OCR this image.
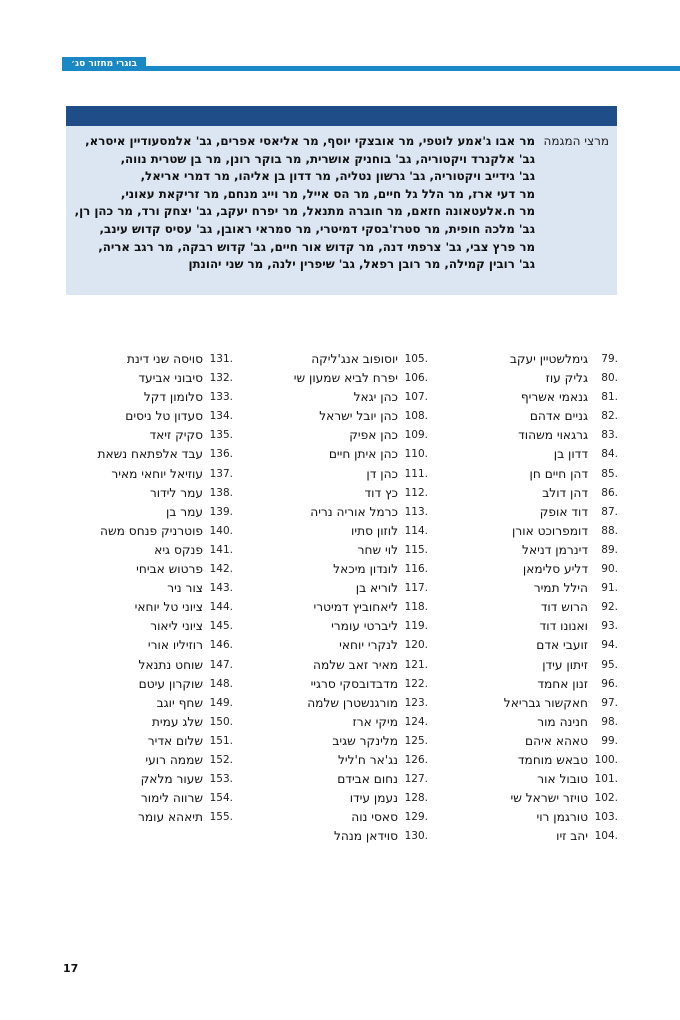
בוגרי מחזור סג׳
מרצי המגמה
מר אבו ג'אמע לוטפי, מר אובצקי יוסף, מר אליאסי אפרים, גב' אלמסעודיין איסרא,
גב' אלקנרד ויקטוריה, גב' בוחניק אושרית, מר בוקר רונן, מר בן שטרית נווה,
גב' גידייב ויקטוריה, גב' גרשון נטליה, מר דדון בן אליהו, מר דמרי אריאל,
מר דעי ארז, מר הלל גל חיים, מר הס אייל, מר וייג מנחם, מר זריקאת עאוני,
מר ח.אלעטאונה חזאם, מר חוברה מתנאל, מר יפרח יעקב, גב' יצחק ורד, מר כהן רן,
גב' מלכה חופית, מר סטרז'בסקי דמיטרי, מר סמראי ראובן, גב' עסיס קדוש עינב,
מר פרץ צבי, גב' צרפתי דנה, מר קדוש אור חיים, גב' קדוש רבקה, מר רגב אריה,
גב' רובין קמילה, מר רובן רפאל, גב' שיפרין ילנה, מר שני יהונתן
79.
גימלשטיין יעקב
80.
גליק עוז
81.
גנאמי אשריף
82.
גניים אדהם
83.
גרגאוי משהוד
84.
דדון בן
85.
דהן חיים חן
86.
דהן דולב
87.
דוד אופק
88.
דומפרוכט אורן
89.
דינרמן דניאל
90.
דליע סלימאן
91.
הילל תמיר
92.
הרוש דוד
93.
ואנונו דוד
94.
זועבי אדם
95.
זיתון עידן
96.
זנון אחמד
97.
חאקשור גבריאל
98.
חנינה מור
99.
טאהא איהם
100.
טבאש מוחמד
101.
טובול אור
102.
טויזר ישראל שי
103.
טורגמן רוי
104.
יהב זיו
105.
יוסופוב אנג'ליקה
106.
יפרח לביא שמעון שי
107.
כהן יגאל
108.
כהן יובל ישראל
109.
כהן אפיק
110.
כהן איתן חיים
111.
כהן דן
112.
כץ דוד
113.
כרמל אוריה נריה
114.
לוזון סתיו
115.
לוי שחר
116.
לונדון מיכאל
117.
לוריא בן
118.
ליאחוביץ דמיטרי
119.
ליברטי עומרי
120.
לנקרי יוחאי
121.
מאיר זאב שלמה
122.
מדבדובסקי סרגיי
123.
מורגנשטרן שלמה
124.
מיקי ארז
125.
מלינקר שגיב
126.
נג'אר ח'ליל
127.
נחום אבידם
128.
נעמן עידו
129.
סאסי נוה
130.
סוידאן מנהל
131.
סויסה שני דינת
132.
סיבוני אביעד
133.
סלומון דקל
134.
סעדון טל ניסים
135.
סקיק זיאד
136.
עבד אלפתאח נשאת
137.
עוזיאל יוחאי מאיר
138.
עמר לידור
139.
עמר בן
140.
פוטרניק פנחס משה
141.
פנקס גיא
142.
פרטוש אביחי
143.
צור ניר
144.
ציוני טל יוחאי
145.
ציוני ליאור
146.
רוזיליו אורי
147.
שוחט נתנאל
148.
שוקרון עיטם
149.
שחף יוגב
150.
שלג עמית
151.
שלום אדיר
152.
שממה רועי
153.
שעור מלאק
154.
שרווה לימור
155.
תיאהא עומר
17
